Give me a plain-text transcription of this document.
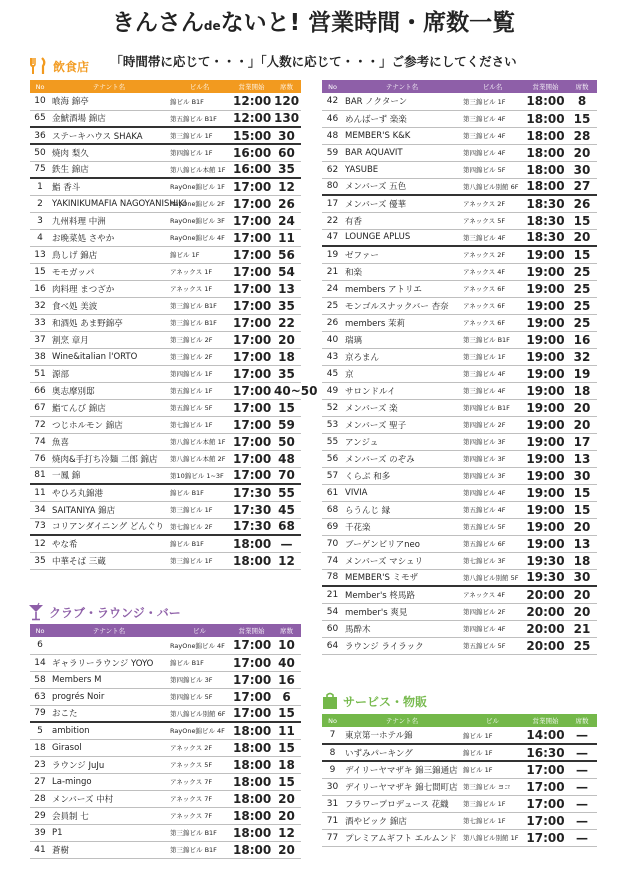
きんさんdeないと! 営業時間・席数一覧
「時間帯に応じて・・・」「人数に応じて・・・」ご参考にしてください
飲食店
No	テナント名	ビル名	営業開始	席数
10	喰海 錦亭	錦ビル B1F	12:00	120
65	金鯱酒場 錦店	第五錦ビル B1F	12:00	130
36	ステーキハウス SHAKA	第三錦ビル 1F	15:00	30
50	焼肉 梨久	第四錦ビル 1F	16:00	60
75	鉄生 錦店	第八錦ビル本館 1F	16:00	35
1	鮨 香斗	RayOne錦ビル 1F	17:00	12
2	YAKINIKUMAFIA NAGOYANISHIKI	RayOne錦ビル 2F	17:00	26
3	九州料理 中洲	RayOne錦ビル 3F	17:00	24
4	お晩菜処 さやか	RayOne錦ビル 4F	17:00	11
13	鳥しげ 錦店	錦ビル 1F	17:00	56
15	モモガッパ	アネックス 1F	17:00	54
16	肉料理 まつざか	アネックス 1F	17:00	13
32	食べ処 美波	第三錦ビル B1F	17:00	35
33	和酒処 あま野錦亭	第三錦ビル B1F	17:00	22
37	割烹 章月	第三錦ビル 2F	17:00	20
38	Wine&italian l'ORTO	第三錦ビル 2F	17:00	18
51	源部	第四錦ビル 1F	17:00	35
66	奥志摩別邸	第五錦ビル 1F	17:00	40~50
67	鮨てんび 錦店	第五錦ビル 5F	17:00	15
72	つじホルモン 錦店	第七錦ビル 1F	17:00	59
74	魚喜	第八錦ビル本館 1F	17:00	50
76	焼肉&手打ち冷麺 二郎 錦店	第八錦ビル本館 2F	17:00	48
81	一鳳 錦	第10錦ビル 1~3F	17:00	70
11	やひろ丸錦港	錦ビル B1F	17:30	55
34	SAITANIYA 錦店	第三錦ビル 1F	17:30	45
73	コリアンダイニング どんぐり	第七錦ビル 2F	17:30	68
12	やな希	錦ビル B1F	18:00	—
35	中華そば 三蔵	第三錦ビル 1F	18:00	12
クラブ・ラウンジ・バー
No	テナント名	ビル	営業開始	席数
6		RayOne錦ビル 4F	17:00	10
14	ギャラリーラウンジ YOYO	錦ビル B1F	17:00	40
58	Members M	第四錦ビル 3F	17:00	16
63	progrés Noir	第四錦ビル 5F	17:00	6
79	おこた	第八錦ビル別館 6F	17:00	15
5	ambition	RayOne錦ビル 4F	18:00	11
18	Girasol	アネックス 2F	18:00	15
23	ラウンジ JuJu	アネックス 5F	18:00	18
27	La-mingo	アネックス 7F	18:00	15
28	メンバーズ 中村	アネックス 7F	18:00	20
29	会員制 七	アネックス 7F	18:00	20
39	P1	第三錦ビル B1F	18:00	12
41	蒼樹	第三錦ビル B1F	18:00	20
No	テナント名	ビル名	営業開始	席数
42	BAR ノクターン	第三錦ビル 1F	18:00	8
46	めんばーず 楽楽	第三錦ビル 4F	18:00	15
48	MEMBER'S K&K	第三錦ビル 4F	18:00	28
59	BAR AQUAVIT	第四錦ビル 4F	18:00	20
62	YASUBE	第四錦ビル 5F	18:00	30
80	メンバーズ 五色	第八錦ビル別館 6F	18:00	27
17	メンバーズ 優華	アネックス 2F	18:30	26
22	有香	アネックス 5F	18:30	15
47	LOUNGE APLUS	第三錦ビル 4F	18:30	20
19	ゼファー	アネックス 2F	19:00	15
21	和楽	アネックス 4F	19:00	25
24	members アトリエ	アネックス 6F	19:00	25
25	モンゴルスナックバー 杏奈	アネックス 6F	19:00	25
26	members 茉莉	アネックス 6F	19:00	25
40	瑞璃	第三錦ビル B1F	19:00	16
43	京ろまん	第三錦ビル 1F	19:00	32
45	京	第三錦ビル 4F	19:00	19
49	サロンドルイ	第三錦ビル 4F	19:00	18
52	メンバーズ 楽	第四錦ビル B1F	19:00	20
53	メンバーズ 聖子	第四錦ビル 2F	19:00	20
55	アンジュ	第四錦ビル 3F	19:00	17
56	メンバーズ のぞみ	第四錦ビル 3F	19:00	13
57	くらぶ 和多	第四錦ビル 3F	19:00	30
61	VIVIA	第四錦ビル 4F	19:00	15
68	らうんじ 縁	第五錦ビル 4F	19:00	15
69	千花楽	第五錦ビル 5F	19:00	20
70	ブーゲンビリアneo	第五錦ビル 6F	19:00	13
74	メンバーズ マシェリ	第七錦ビル 3F	19:30	18
78	MEMBER'S ミモザ	第八錦ビル別館 5F	19:30	30
21	Member's 柊馬路	アネックス 4F	20:00	20
54	member's 爽見	第四錦ビル 2F	20:00	20
60	馬酔木	第四錦ビル 4F	20:00	21
64	ラウンジ ライラック	第五錦ビル 5F	20:00	25
サービス・物販
No	テナント名	ビル	営業開始	席数
7	東京第一ホテル錦	錦ビル 1F	14:00	—
8	いずみパーキング	錦ビル 1F	16:30	—
9	デイリーヤマザキ 錦三錦通店	錦ビル 1F	17:00	—
30	デイリーヤマザキ 錦七間町店	第三錦ビル ヨコ	17:00	—
31	フラワープロデュース 花織	第三錦ビル 1F	17:00	—
71	酒やビック 錦店	第七錦ビル 1F	17:00	—
77	プレミアムギフト エルムンド	第八錦ビル別館 1F	17:00	—
